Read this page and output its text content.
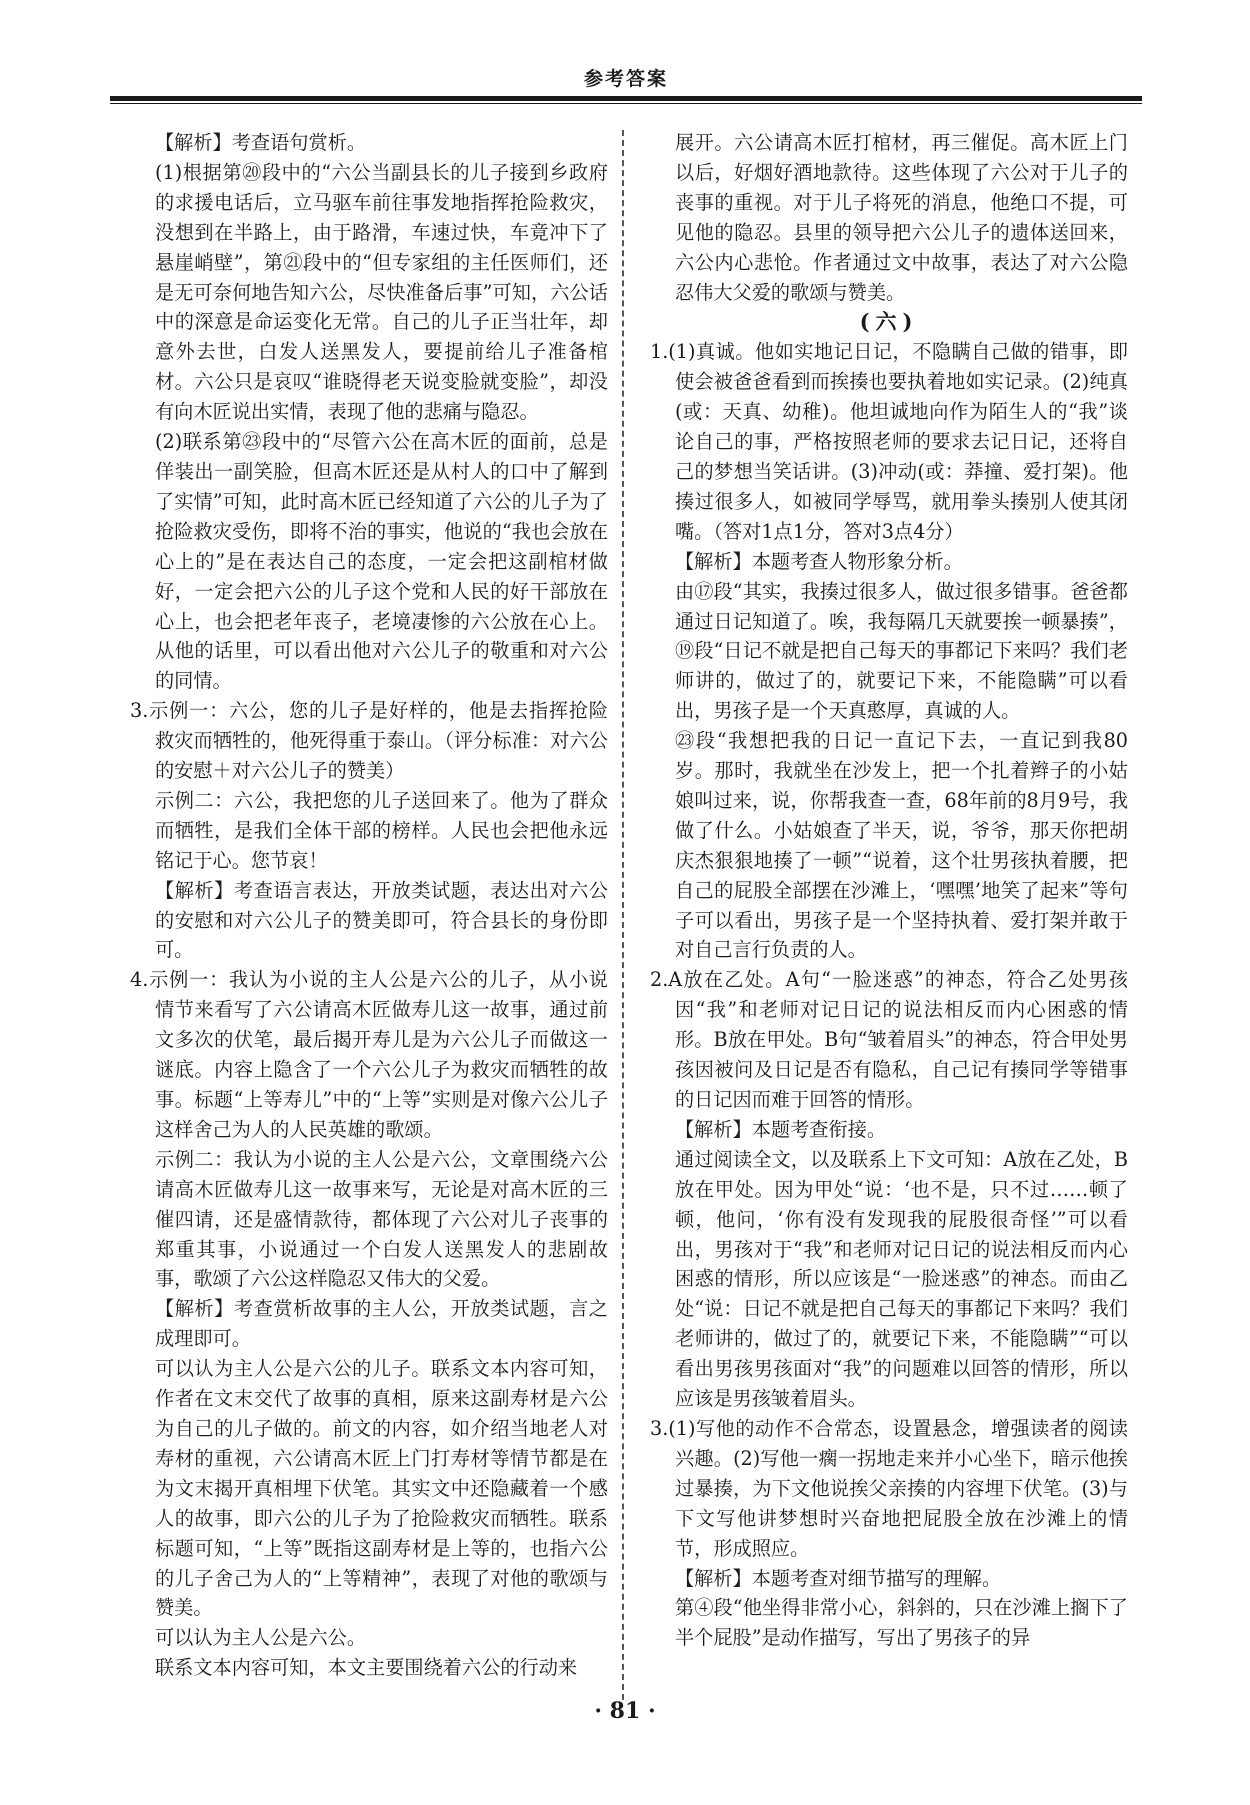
参考答案

【解析】考查语句赏析。

(1)根据第⑳段中的“六公当副县长的儿子接到乡政府的求援电话后，立马驱车前往事发地指挥抢险救灾，没想到在半路上，由于路滑，车速过快，车竟冲下了悬崖峭壁”，第㉑段中的“但专家组的主任医师们，还是无可奈何地告知六公，尽快准备后事”可知，六公话中的深意是命运变化无常。自己的儿子正当壮年，却意外去世，白发人送黑发人，要提前给儿子准备棺材。六公只是哀叹“谁晓得老天说变脸就变脸”，却没有向木匠说出实情，表现了他的悲痛与隐忍。

(2)联系第㉓段中的“尽管六公在高木匠的面前，总是佯装出一副笑脸，但高木匠还是从村人的口中了解到了实情”可知，此时高木匠已经知道了六公的儿子为了抢险救灾受伤，即将不治的事实，他说的“我也会放在心上的”是在表达自己的态度，一定会把这副棺材做好，一定会把六公的儿子这个党和人民的好干部放在心上，也会把老年丧子，老境凄惨的六公放在心上。从他的话里，可以看出他对六公儿子的敬重和对六公的同情。

3.示例一：六公，您的儿子是好样的，他是去指挥抢险救灾而牺牲的，他死得重于泰山。（评分标准：对六公的安慰＋对六公儿子的赞美）

示例二：六公，我把您的儿子送回来了。他为了群众而牺牲，是我们全体干部的榜样。人民也会把他永远铭记于心。您节哀！

【解析】考查语言表达，开放类试题，表达出对六公的安慰和对六公儿子的赞美即可，符合县长的身份即可。

4.示例一：我认为小说的主人公是六公的儿子，从小说情节来看写了六公请高木匠做寿儿这一故事，通过前文多次的伏笔，最后揭开寿儿是为六公儿子而做这一谜底。内容上隐含了一个六公儿子为救灾而牺牲的故事。标题“上等寿儿”中的“上等”实则是对像六公儿子这样舍己为人的人民英雄的歌颂。

示例二：我认为小说的主人公是六公，文章围绕六公请高木匠做寿儿这一故事来写，无论是对高木匠的三催四请，还是盛情款待，都体现了六公对儿子丧事的郑重其事，小说通过一个白发人送黑发人的悲剧故事，歌颂了六公这样隐忍又伟大的父爱。

【解析】考查赏析故事的主人公，开放类试题，言之成理即可。

可以认为主人公是六公的儿子。联系文本内容可知，作者在文末交代了故事的真相，原来这副寿材是六公为自己的儿子做的。前文的内容，如介绍当地老人对寿材的重视，六公请高木匠上门打寿材等情节都是在为文末揭开真相埋下伏笔。其实文中还隐藏着一个感人的故事，即六公的儿子为了抢险救灾而牺牲。联系标题可知，“上等”既指这副寿材是上等的，也指六公的儿子舍己为人的“上等精神”，表现了对他的歌颂与赞美。

可以认为主人公是六公。

联系文本内容可知，本文主要围绕着六公的行动来

展开。六公请高木匠打棺材，再三催促。高木匠上门以后，好烟好酒地款待。这些体现了六公对于儿子的丧事的重视。对于儿子将死的消息，他绝口不提，可见他的隐忍。县里的领导把六公儿子的遗体送回来，六公内心悲怆。作者通过文中故事，表达了对六公隐忍伟大父爱的歌颂与赞美。

(六)

1.(1)真诚。他如实地记日记，不隐瞒自己做的错事，即使会被爸爸看到而挨揍也要执着地如实记录。(2)纯真(或：天真、幼稚)。他坦诚地向作为陌生人的“我”谈论自己的事，严格按照老师的要求去记日记，还将自己的梦想当笑话讲。(3)冲动(或：莽撞、爱打架)。他揍过很多人，如被同学辱骂，就用拳头揍别人使其闭嘴。（答对1点1分，答对3点4分）

【解析】本题考查人物形象分析。

由⑰段“其实，我揍过很多人，做过很多错事。爸爸都通过日记知道了。唉，我每隔几天就要挨一顿暴揍”，⑲段“日记不就是把自己每天的事都记下来吗？我们老师讲的，做过了的，就要记下来，不能隐瞒”可以看出，男孩子是一个天真憨厚，真诚的人。

㉓段“我想把我的日记一直记下去，一直记到我80岁。那时，我就坐在沙发上，把一个扎着辫子的小姑娘叫过来，说，你帮我查一查，68年前的8月9号，我做了什么。小姑娘查了半天，说，爷爷，那天你把胡庆杰狠狠地揍了一顿”“说着，这个壮男孩执着腰，把自己的屁股全部摆在沙滩上，‘嘿嘿’地笑了起来”等句子可以看出，男孩子是一个坚持执着、爱打架并敢于对自己言行负责的人。

2.A放在乙处。A句“一脸迷惑”的神态，符合乙处男孩因“我”和老师对记日记的说法相反而内心困惑的情形。B放在甲处。B句“皱着眉头”的神态，符合甲处男孩因被问及日记是否有隐私，自己记有揍同学等错事的日记因而难于回答的情形。

【解析】本题考查衔接。

通过阅读全文，以及联系上下文可知：A放在乙处，B放在甲处。因为甲处“说：‘也不是，只不过……顿了顿，他问，‘你有没有发现我的屁股很奇怪’”可以看出，男孩对于“我”和老师对记日记的说法相反而内心困惑的情形，所以应该是“一脸迷惑”的神态。而由乙处“说：日记不就是把自己每天的事都记下来吗？我们老师讲的，做过了的，就要记下来，不能隐瞒”“可以看出男孩男孩面对“我”的问题难以回答的情形，所以应该是男孩皱着眉头。

3.(1)写他的动作不合常态，设置悬念，增强读者的阅读兴趣。(2)写他一瘸一拐地走来并小心坐下，暗示他挨过暴揍，为下文他说挨父亲揍的内容埋下伏笔。(3)与下文写他讲梦想时兴奋地把屁股全放在沙滩上的情节，形成照应。

【解析】本题考查对细节描写的理解。

第④段“他坐得非常小心，斜斜的，只在沙滩上搁下了半个屁股”是动作描写，写出了男孩子的异

· 81 ·
